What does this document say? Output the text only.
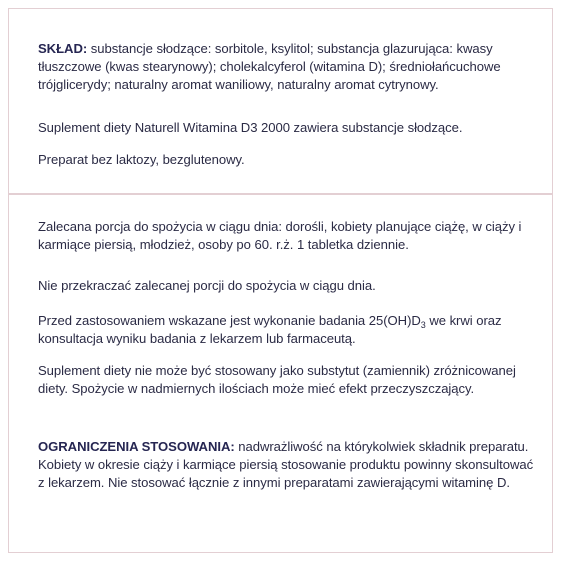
SKŁAD: substancje słodzące: sorbitole, ksylitol; substancja glazurująca: kwasy tłuszczowe (kwas stearynowy); cholekalcyferol (witamina D); średniołańcuchowe trójglicerydy; naturalny aromat waniliowy, naturalny aromat cytrynowy.

Suplement diety Naturell Witamina D3 2000 zawiera substancje słodzące.

Preparat bez laktozy, bezglutenowy.

Zalecana porcja do spożycia w ciągu dnia: dorośli, kobiety planujące ciążę, w ciąży i karmiące piersią, młodzież, osoby po 60. r.ż. 1 tabletka dziennie.

Nie przekraczać zalecanej porcji do spożycia w ciągu dnia.

Przed zastosowaniem wskazane jest wykonanie badania $25(OH)D_3$ we krwi oraz konsultacja wyniku badania z lekarzem lub farmaceutą.

Suplement diety nie może być stosowany jako substytut (zamiennik) zróżnicowanej diety. Spożycie w nadmiernych ilościach może mieć efekt przeczyszczający.

OGRANICZENIA STOSOWANIA: nadwrażliwość na którykolwiek składnik preparatu. Kobiety w okresie ciąży i karmiące piersią stosowanie produktu powinny skonsultować z lekarzem. Nie stosować łącznie z innymi preparatami zawierającymi witaminę D.
